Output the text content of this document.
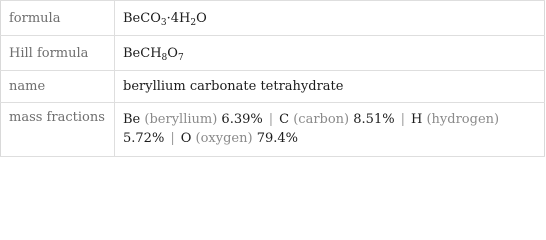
formula	$BeCO_3\cdot 4H_2O$
Hill formula	$BeCH_8O_7$
name	beryllium carbonate tetrahydrate
mass fractions	Be (beryllium) 6.39% | C (carbon) 8.51% | H (hydrogen) 5.72% | O (oxygen) 79.4%
